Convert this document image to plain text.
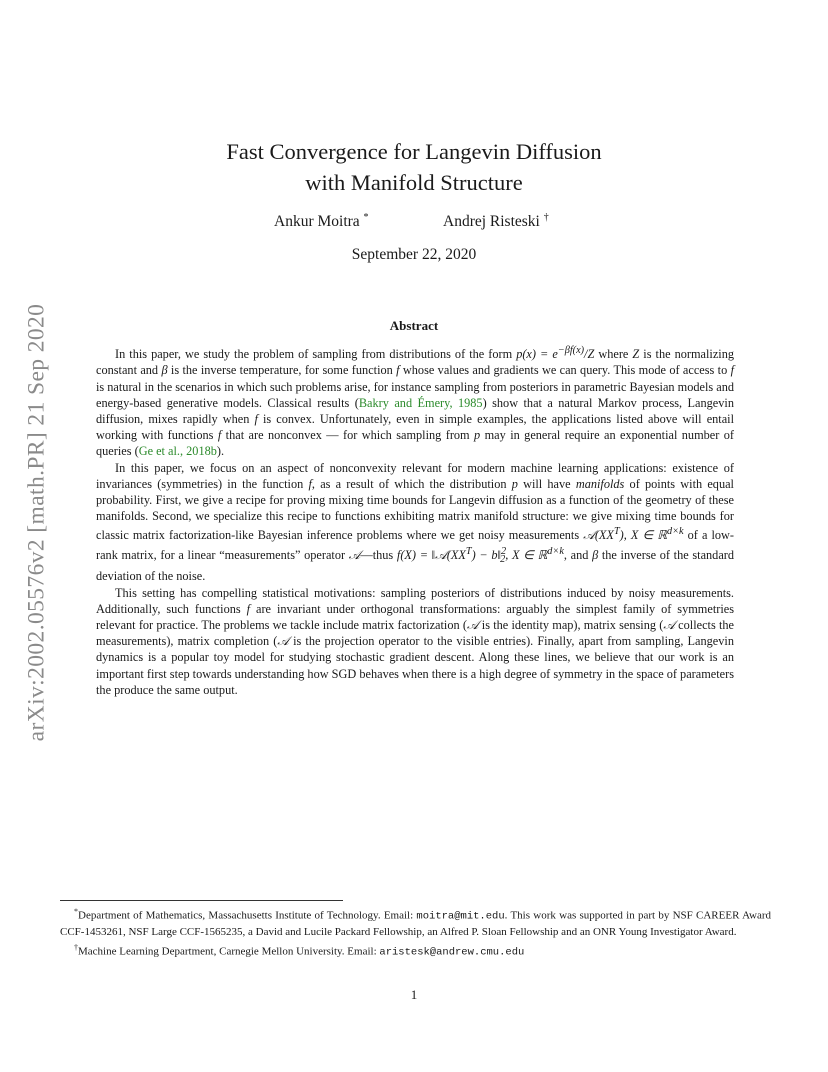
arXiv:2002.05576v2 [math.PR] 21 Sep 2020
Fast Convergence for Langevin Diffusion
with Manifold Structure
Ankur Moitra *	Andrej Risteski †
September 22, 2020
Abstract

In this paper, we study the problem of sampling from distributions of the form $p(x) = e^{-\beta f(x)}/Z$ where Z is the normalizing constant and β is the inverse temperature, for some function f whose values and gradients we can query. This mode of access to f is natural in the scenarios in which such problems arise, for instance sampling from posteriors in parametric Bayesian models and energy-based generative models. Classical results (Bakry and Émery, 1985) show that a natural Markov process, Langevin diffusion, mixes rapidly when f is convex. Unfortunately, even in simple examples, the applications listed above will entail working with functions f that are nonconvex — for which sampling from p may in general require an exponential number of queries (Ge et al., 2018b).

In this paper, we focus on an aspect of nonconvexity relevant for modern machine learning applications: existence of invariances (symmetries) in the function f, as a result of which the distribution p will have manifolds of points with equal probability. First, we give a recipe for proving mixing time bounds for Langevin diffusion as a function of the geometry of these manifolds. Second, we specialize this recipe to functions exhibiting matrix manifold structure: we give mixing time bounds for classic matrix factorization-like Bayesian inference problems where we get noisy measurements $𝒜(XX^T)$, X ∈ ℝ$^{d\times k}$ of a low-rank matrix, for a linear “measurements” operator 𝒜—thus $f(X) = ‖𝒜(XX^T)$ − b‖$^2_2$, X ∈ ℝ$^{d\times k}$, and β the inverse of the standard deviation of the noise.

This setting has compelling statistical motivations: sampling posteriors of distributions induced by noisy measurements. Additionally, such functions f are invariant under orthogonal transformations: arguably the simplest family of symmetries relevant for practice. The problems we tackle include matrix factorization (𝒜 is the identity map), matrix sensing (𝒜 collects the measurements), matrix completion (𝒜 is the projection operator to the visible entries). Finally, apart from sampling, Langevin dynamics is a popular toy model for studying stochastic gradient descent. Along these lines, we believe that our work is an important first step towards understanding how SGD behaves when there is a high degree of symmetry in the space of parameters the produce the same output.

*Department of Mathematics, Massachusetts Institute of Technology. Email: moitra@mit.edu. This work was supported in part by NSF CAREER Award CCF-1453261, NSF Large CCF-1565235, a David and Lucile Packard Fellowship, an Alfred P. Sloan Fellowship and an ONR Young Investigator Award.

†Machine Learning Department, Carnegie Mellon University. Email: aristesk@andrew.cmu.edu

1
